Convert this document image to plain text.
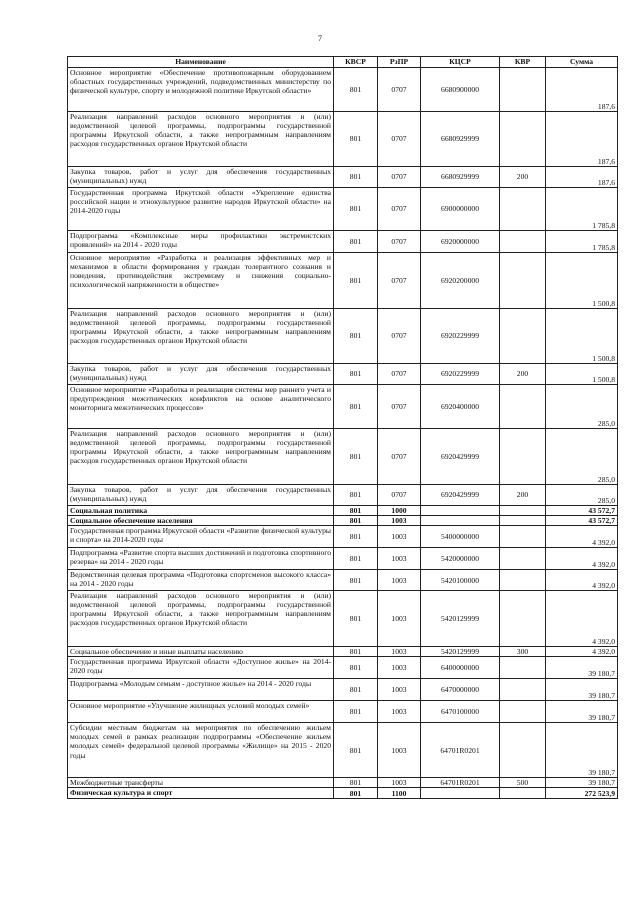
7
Наименование	КВСР	РзПР	КЦСР	КВР	Сумма
Основное мероприятие «Обеспечение противопожарным оборудованием областных государственных учреждений, подведомственных министерству по физической культуре, спорту и молодежной политике Иркутской области»	801	0707	6680900000		187,6
Реализация направлений расходов основного мероприятия и (или) ведомственной целевой программы, подпрограммы государственной программы Иркутской области, а также непрограммным направлениям расходов государственных органов Иркутской области	801	0707	6680929999		187,6
Закупка товаров, работ и услуг для обеспечения государственных (муниципальных) нужд	801	0707	6680929999	200	187,6
Государственная программа Иркутской области «Укрепление единства российской нации и этнокультурное развитие народов Иркутской области» на 2014-2020 годы	801	0707	6900000000		1 785,8
Подпрограмма «Комплексные меры профилактики экстремистских проявлений» на 2014 - 2020 годы	801	0707	6920000000		1 785,8
Основное мероприятие «Разработка и реализация эффективных мер и механизмов в области формирования у граждан толерантного сознания и поведения, противодействия экстремизму и снижения социально-психологической напряженности в обществе»	801	0707	6920200000		1 500,8
Реализация направлений расходов основного мероприятия и (или) ведомственной целевой программы, подпрограммы государственной программы Иркутской области, а также непрограммным направлениям расходов государственных органов Иркутской области	801	0707	6920229999		1 500,8
Закупка товаров, работ и услуг для обеспечения государственных (муниципальных) нужд	801	0707	6920229999	200	1 500,8
Основное мероприятие «Разработка и реализация системы мер раннего учета и предупреждения межэтнических конфликтов на основе аналитического мониторинга межэтнических процессов»	801	0707	6920400000		285,0
Реализация направлений расходов основного мероприятия и (или) ведомственной целевой программы, подпрограммы государственной программы Иркутской области, а также непрограммным направлениям расходов государственных органов Иркутской области	801	0707	6920429999		285,0
Закупка товаров, работ и услуг для обеспечения государственных (муниципальных) нужд	801	0707	6920429999	200	285,0
Социальная политика	801	1000			43 572,7
Социальное обеспечение населения	801	1003			43 572,7
Государственная программа Иркутской области «Развитие физической культуры и спорта» на 2014-2020 годы	801	1003	5400000000		4 392,0
Подпрограмма «Развитие спорта высших достижений и подготовка спортивного резерва» на 2014 - 2020 годы	801	1003	5420000000		4 392,0
Ведомственная целевая программа «Подготовка спортсменов высокого класса» на 2014 - 2020 годы	801	1003	5420100000		4 392,0
Реализация направлений расходов основного мероприятия и (или) ведомственной целевой программы, подпрограммы государственной программы Иркутской области, а также непрограммным направлениям расходов государственных органов Иркутской области	801	1003	5420129999		4 392,0
Социальное обеспечение и иные выплаты населению	801	1003	5420129999	300	4 392,0
Государственная программа Иркутской области «Доступное жилье» на 2014-2020 годы	801	1003	6400000000		39 180,7
Подпрограмма «Молодым семьям - доступное жилье» на 2014 - 2020 годы	801	1003	6470000000		39 180,7
Основное мероприятие «Улучшение жилищных условий молодых семей»	801	1003	6470100000		39 180,7
Субсидии местным бюджетам на мероприятия по обеспечению жильем молодых семей в рамках реализации подпрограммы «Обеспечение жильем молодых семей» федеральной целевой программы «Жилище» на 2015 - 2020 годы	801	1003	64701R0201		39 180,7
Межбюджетные трансферты	801	1003	64701R0201	500	39 180,7
Физическая культура и спорт	801	1100			272 523,9
